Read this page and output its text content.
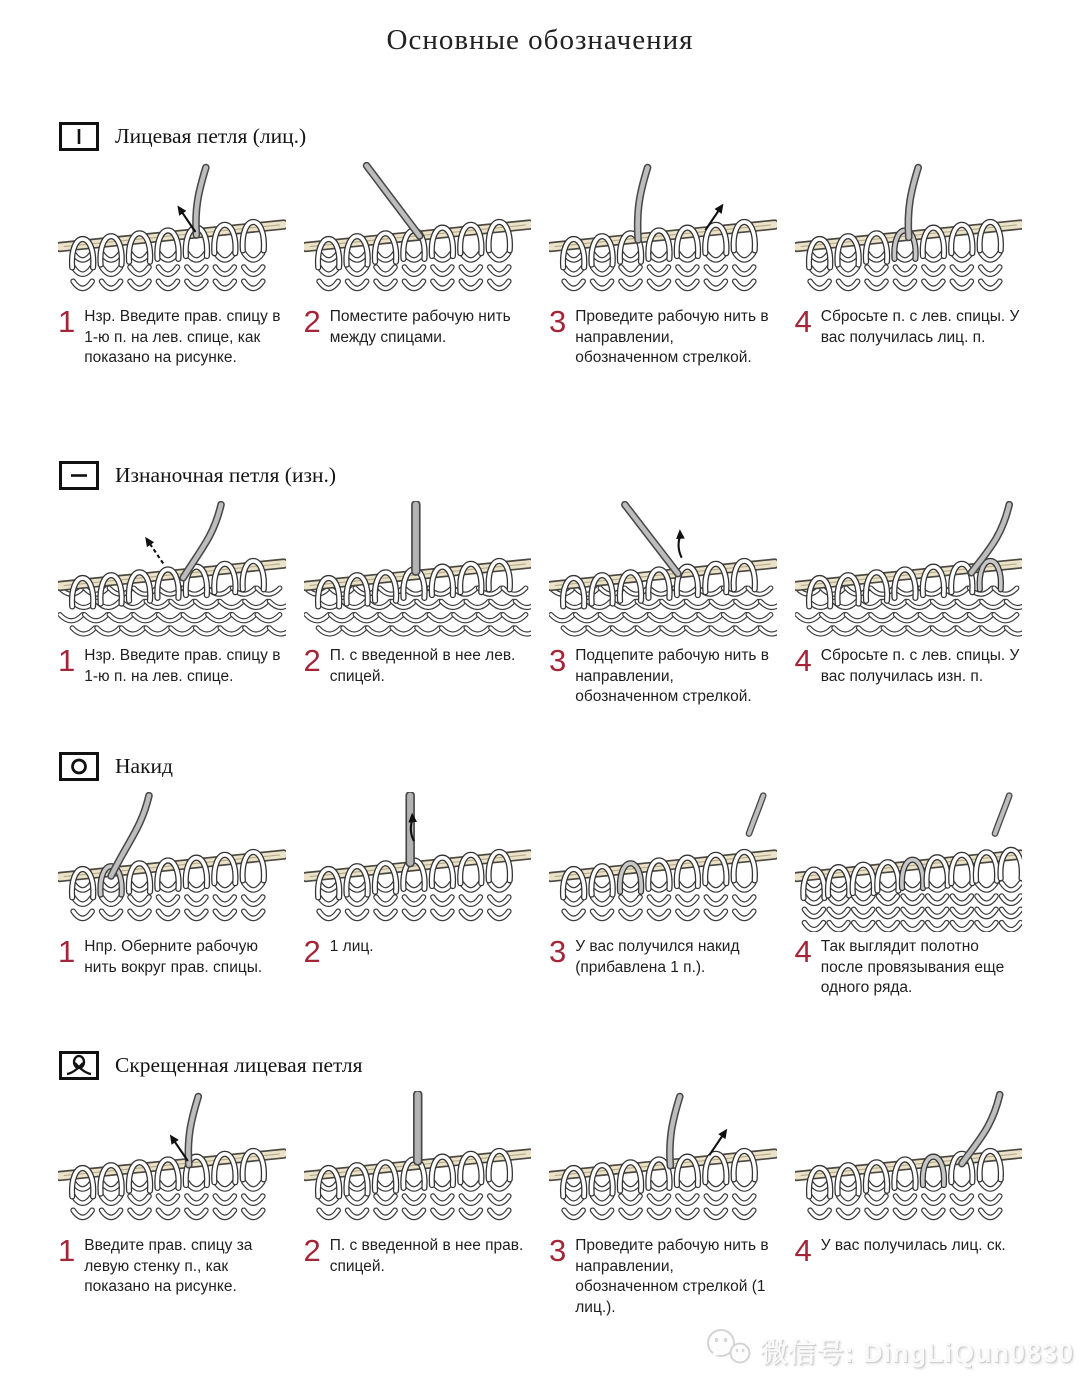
Основные обозначения
Лицевая петля (лиц.)
1 Нзр. Введите прав. спицу в 1-ю п. на лев. спице, как показано на рисунке.

2 Поместите рабочую нить между спицами.	3 Проведите рабочую нить в направлении, обозначенном стрелкой.

4 Сбросьте п. с лев. спицы. У вас получилась лиц. п.

Изнаночная петля (изн.)
1 Нзр. Введите прав. спицу в 1-ю п. на лев. спице.	2 П. с введенной в нее лев. спицей.	3 Подцепите рабочую нить в направлении, обозначенном стрелкой.

4 Сбросьте п. с лев. спицы. У вас получилась изн. п.

Накид
1 Нпр. Оберните рабочую нить вокруг прав. спицы.	2 1 лиц.	3 У вас получился накид (прибавлена 1 п.).	4 Так выглядит полотно после провязывания еще одного ряда.

Скрещенная лицевая петля
1 Введите прав. спицу за левую стенку п., как показано на рисунке.

2 П. с введенной в нее прав. спицей.	3 Проведите рабочую нить в направлении, обозначенном стрелкой (1 лиц.).

4 У вас получилась лиц. ск.

微信号: DingLiQun0830
